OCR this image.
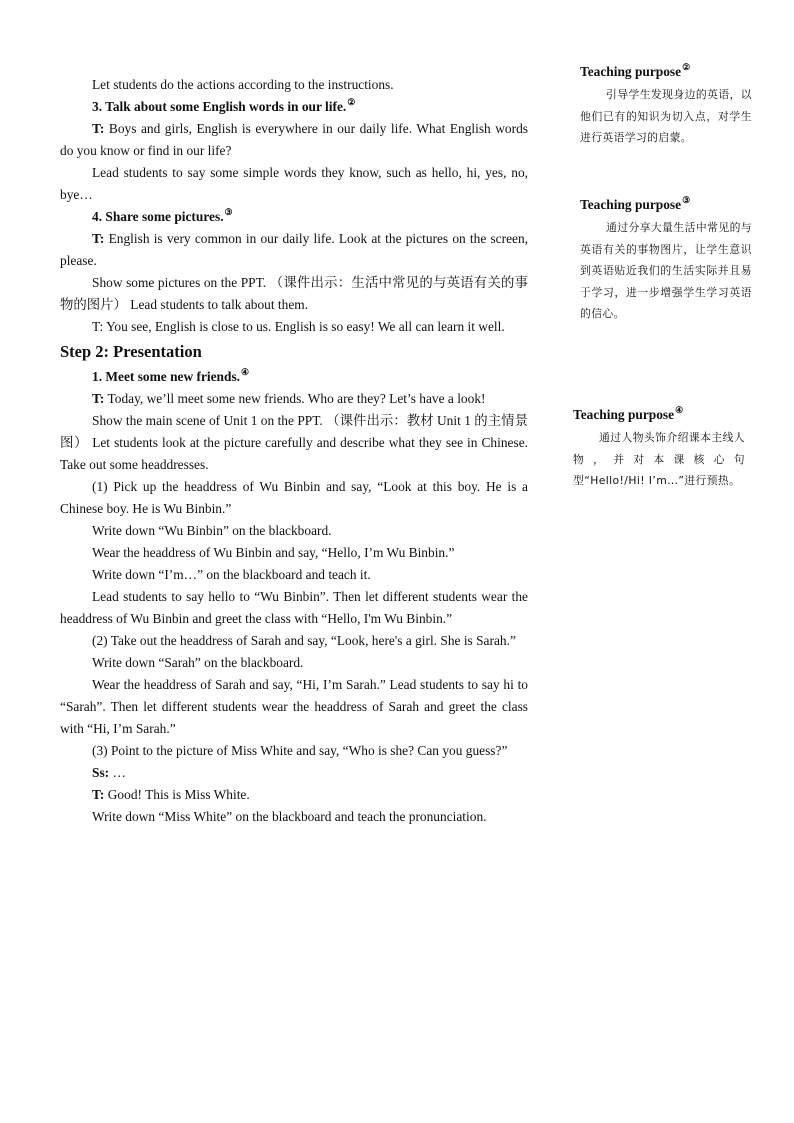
Let students do the actions according to the instructions.

3. Talk about some English words in our life.②

T: Boys and girls, English is everywhere in our daily life. What English words do you know or find in our life?

Lead students to say some simple words they know, such as hello, hi, yes, no, bye…

4. Share some pictures.③

T: English is very common in our daily life. Look at the pictures on the screen, please.

Show some pictures on the PPT. （课件出示：生活中常见的与英语有关的事物的图片） Lead students to talk about them.

T: You see, English is close to us. English is so easy! We all can learn it well.

Step 2: Presentation

1. Meet some new friends.④

T: Today, we’ll meet some new friends. Who are they? Let’s have a look!

Show the main scene of Unit 1 on the PPT. （课件出示：教材 Unit 1 的主情景图） Let students look at the picture carefully and describe what they see in Chinese. Take out some headdresses.

(1) Pick up the headdress of Wu Binbin and say, “Look at this boy. He is a Chinese boy. He is Wu Binbin.”

Write down “Wu Binbin” on the blackboard.

Wear the headdress of Wu Binbin and say, “Hello, I’m Wu Binbin.”

Write down “I’m…” on the blackboard and teach it.

Lead students to say hello to “Wu Binbin”. Then let different students wear the headdress of Wu Binbin and greet the class with “Hello, I'm Wu Binbin.”

(2) Take out the headdress of Sarah and say, “Look, here's a girl. She is Sarah.”

Write down “Sarah” on the blackboard.

Wear the headdress of Sarah and say, “Hi, I’m Sarah.” Lead students to say hi to “Sarah”. Then let different students wear the headdress of Sarah and greet the class with “Hi, I’m Sarah.”

(3) Point to the picture of Miss White and say, “Who is she? Can you guess?”

Ss: …

T: Good! This is Miss White.

Write down “Miss White” on the blackboard and teach the pronunciation.

Teaching purpose②

引导学生发现身边的英语，以他们已有的知识为切入点，对学生进行英语学习的启蒙。

Teaching purpose③

通过分享大量生活中常见的与英语有关的事物图片，让学生意识到英语贴近我们的生活实际并且易于学习，进一步增强学生学习英语的信心。

Teaching purpose④

通过人物头饰介绍课本主线人物，并对本课核心句型“Hello!/Hi! I’m…”进行预热。
